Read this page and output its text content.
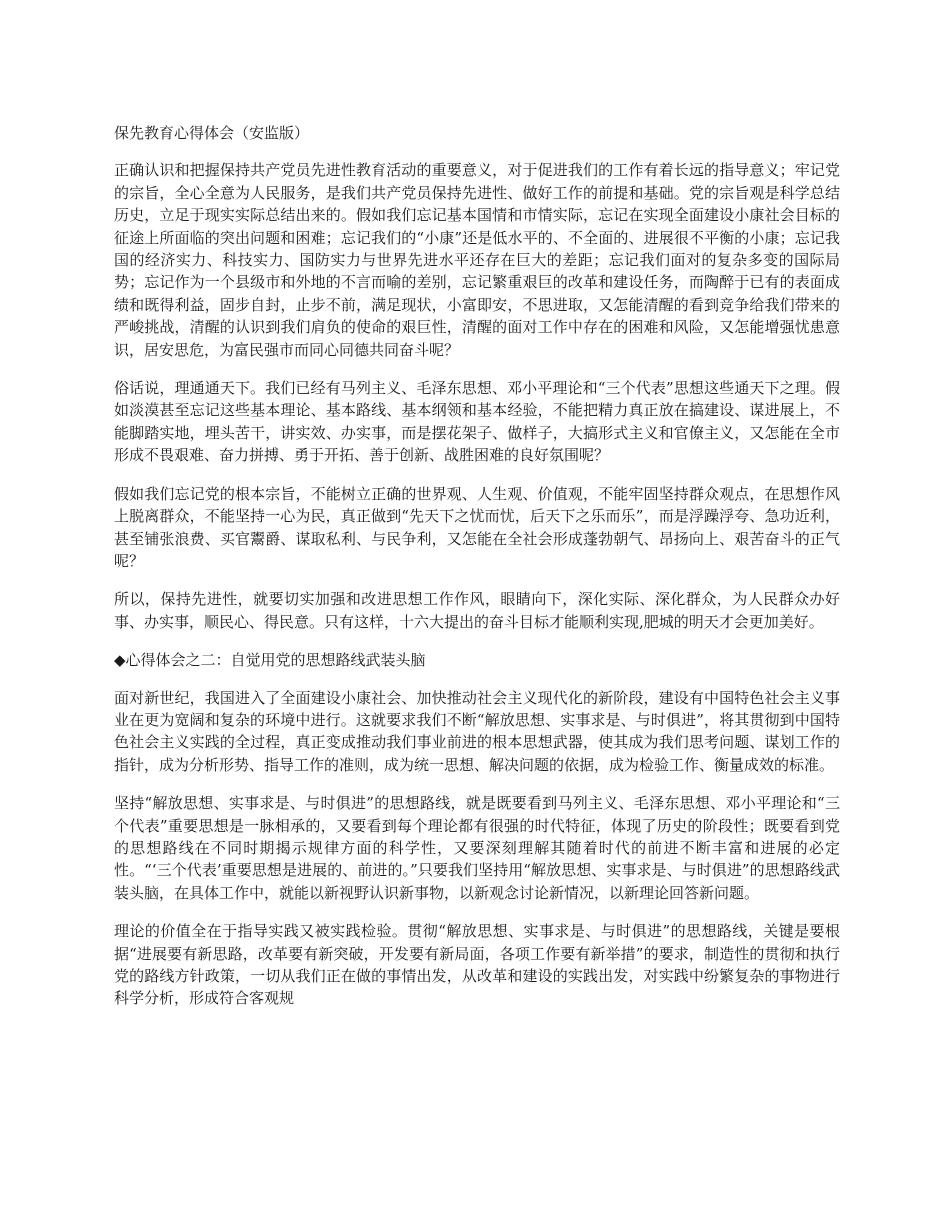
保先教育心得体会（安监版）

正确认识和把握保持共产党员先进性教育活动的重要意义，对于促进我们的工作有着长远的指导意义；牢记党的宗旨，全心全意为人民服务，是我们共产党员保持先进性、做好工作的前提和基础。党的宗旨观是科学总结历史，立足于现实实际总结出来的。假如我们忘记基本国情和市情实际，忘记在实现全面建设小康社会目标的征途上所面临的突出问题和困难；忘记我们的“小康”还是低水平的、不全面的、进展很不平衡的小康；忘记我国的经济实力、科技实力、国防实力与世界先进水平还存在巨大的差距；忘记我们面对的复杂多变的国际局势；忘记作为一个县级市和外地的不言而喻的差别，忘记繁重艰巨的改革和建设任务，而陶醉于已有的表面成绩和既得利益，固步自封，止步不前，满足现状，小富即安，不思进取，又怎能清醒的看到竞争给我们带来的严峻挑战，清醒的认识到我们肩负的使命的艰巨性，清醒的面对工作中存在的困难和风险，又怎能增强忧患意识，居安思危，为富民强市而同心同德共同奋斗呢？

俗话说，理通通天下。我们已经有马列主义、毛泽东思想、邓小平理论和“三个代表”思想这些通天下之理。假如淡漠甚至忘记这些基本理论、基本路线、基本纲领和基本经验，不能把精力真正放在搞建设、谋进展上，不能脚踏实地，埋头苦干，讲实效、办实事，而是摆花架子、做样子，大搞形式主义和官僚主义，又怎能在全市形成不畏艰难、奋力拼搏、勇于开拓、善于创新、战胜困难的良好氛围呢？

假如我们忘记党的根本宗旨，不能树立正确的世界观、人生观、价值观，不能牢固坚持群众观点，在思想作风上脱离群众，不能坚持一心为民，真正做到“先天下之忧而忧，后天下之乐而乐”，而是浮躁浮夸、急功近利，甚至铺张浪费、买官鬻爵、谋取私利、与民争利，又怎能在全社会形成蓬勃朝气、昂扬向上、艰苦奋斗的正气呢？

所以，保持先进性，就要切实加强和改进思想工作作风，眼睛向下，深化实际、深化群众，为人民群众办好事、办实事，顺民心、得民意。只有这样，十六大提出的奋斗目标才能顺利实现,肥城的明天才会更加美好。

◆心得体会之二：自觉用党的思想路线武装头脑

面对新世纪，我国进入了全面建设小康社会、加快推动社会主义现代化的新阶段，建设有中国特色社会主义事业在更为宽阔和复杂的环境中进行。这就要求我们不断“解放思想、实事求是、与时俱进”，将其贯彻到中国特色社会主义实践的全过程，真正变成推动我们事业前进的根本思想武器，使其成为我们思考问题、谋划工作的指针，成为分析形势、指导工作的准则，成为统一思想、解决问题的依据，成为检验工作、衡量成效的标准。

坚持“解放思想、实事求是、与时俱进”的思想路线，就是既要看到马列主义、毛泽东思想、邓小平理论和“三个代表”重要思想是一脉相承的，又要看到每个理论都有很强的时代特征，体现了历史的阶段性；既要看到党的思想路线在不同时期揭示规律方面的科学性，又要深刻理解其随着时代的前进不断丰富和进展的必定性。“‘三个代表’重要思想是进展的、前进的。”只要我们坚持用“解放思想、实事求是、与时俱进”的思想路线武装头脑，在具体工作中，就能以新视野认识新事物，以新观念讨论新情况，以新理论回答新问题。

理论的价值全在于指导实践又被实践检验。贯彻“解放思想、实事求是、与时俱进”的思想路线，关键是要根据“进展要有新思路，改革要有新突破，开发要有新局面，各项工作要有新举措”的要求，制造性的贯彻和执行党的路线方针政策，一切从我们正在做的事情出发，从改革和建设的实践出发，对实践中纷繁复杂的事物进行科学分析，形成符合客观规
